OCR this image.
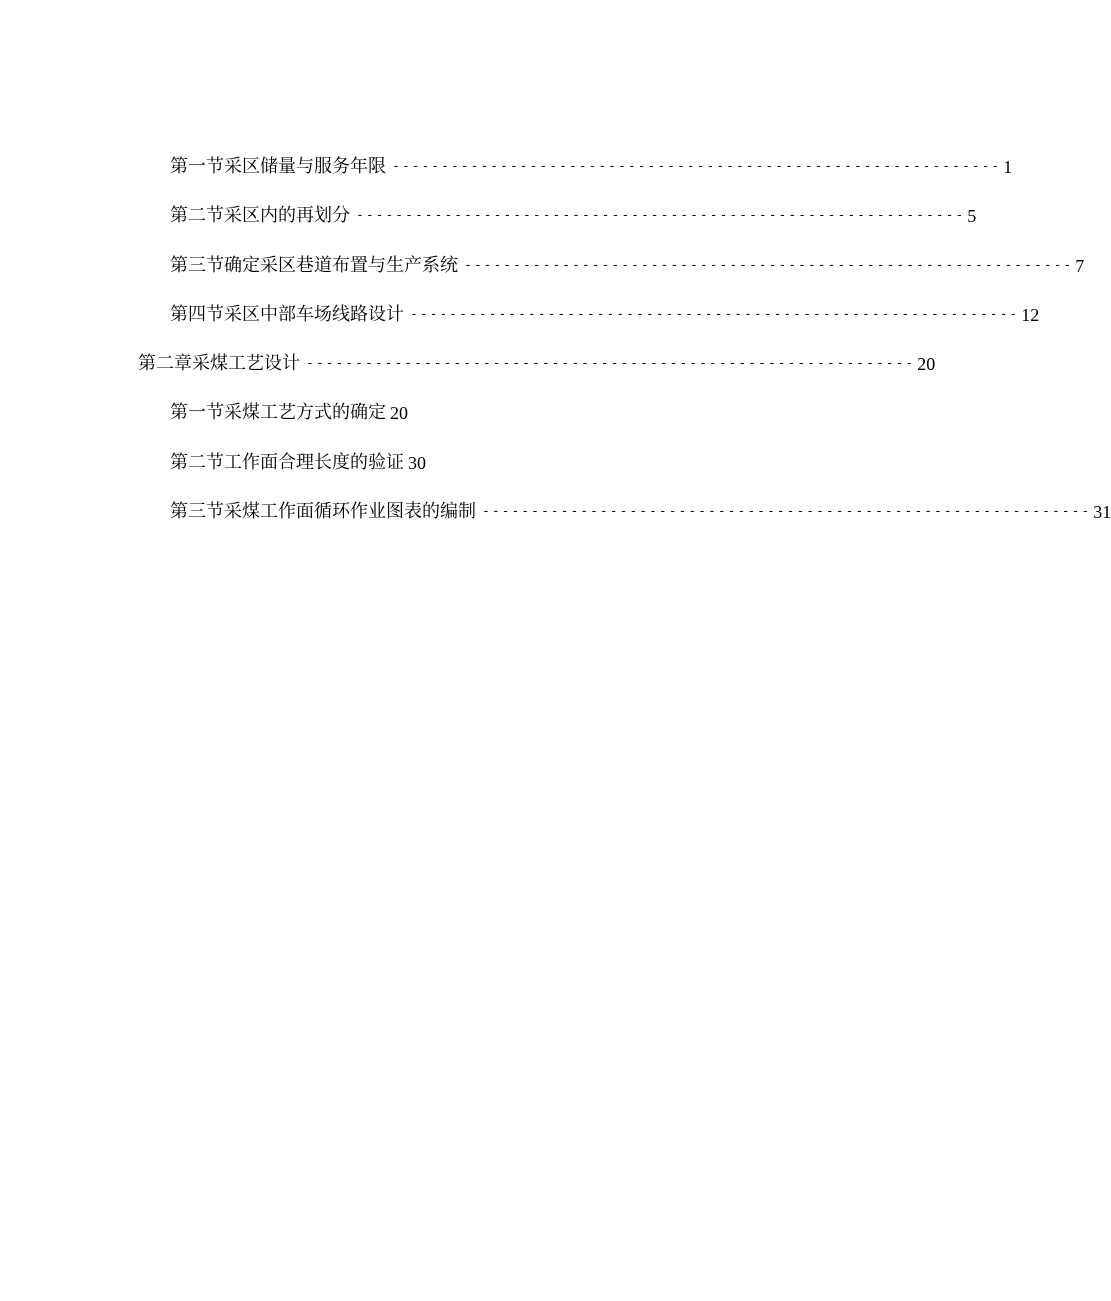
第一节采区储量与服务年限 -------------------------------------------------------------- 1
第二节采区内的再划分 -------------------------------------------------------------- 5
第三节 确定采区巷道布置与生产系统 -------------------------------------------------------------- 7
第四节采区中部车场线路设计 -------------------------------------------------------------- 12
第二章采煤工艺设计 -------------------------------------------------------------- 20
第一节采煤工艺方式的确定 20
第二节工作面合理长度的验证 30
第三节采煤工作面循环作业图表的编制 -------------------------------------------------------------- 31
